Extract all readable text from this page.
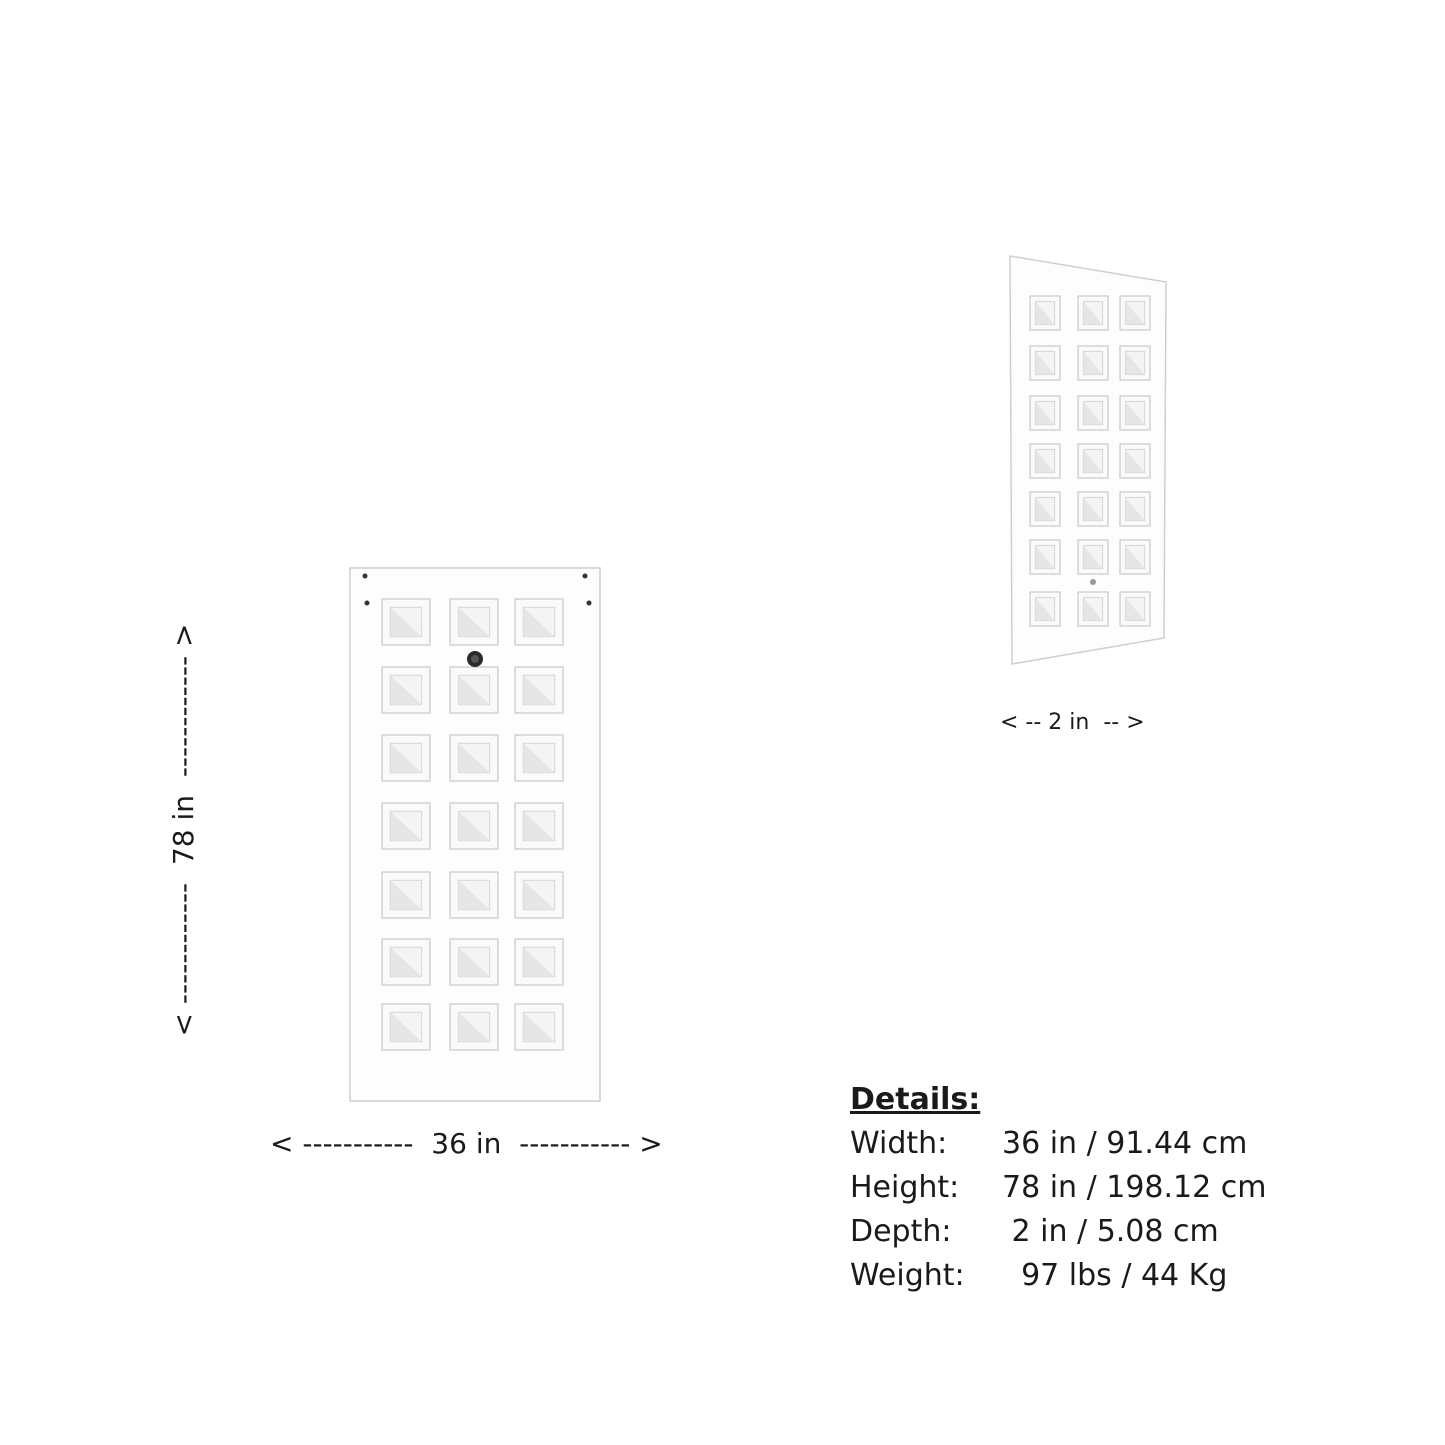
< -----------  36 in  ----------- >
< ------------  78 in  ------------ >	< -- 2 in  -- >
Details:
Width:	36 in / 91.44 cm
Height:	78 in / 198.12 cm
Depth:	2 in / 5.08 cm
Weight:	97 lbs / 44 Kg
